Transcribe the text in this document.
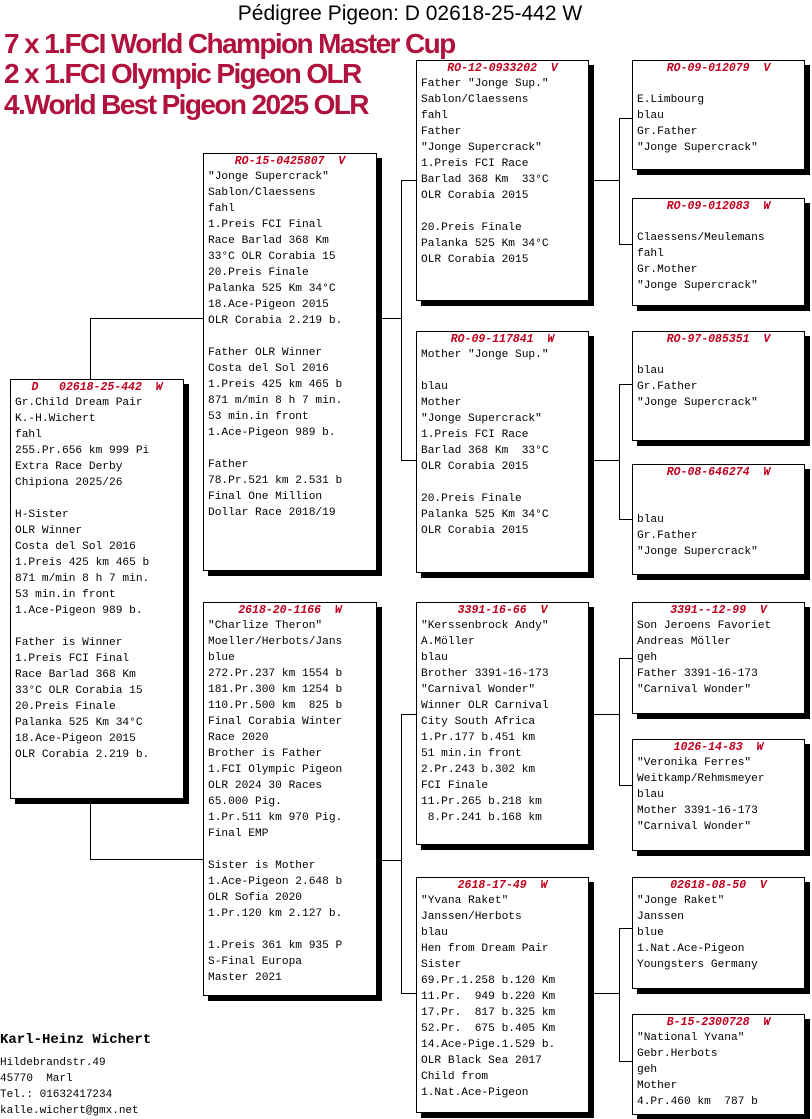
Pédigree Pigeon: D 02618-25-442 W
7 x 1.FCI World Champion Master Cup
2 x 1.FCI Olympic Pigeon OLR
4.World Best Pigeon 2025 OLR
D   02618-25-442  W
Gr.Child Dream Pair
K.-H.Wichert
fahl
255.Pr.656 km 999 Pi
Extra Race Derby
Chipiona 2025/26

H-Sister
OLR Winner
Costa del Sol 2016
1.Preis 425 km 465 b
871 m/min 8 h 7 min.
53 min.in front
1.Ace-Pigeon 989 b.

Father is Winner
1.Preis FCI Final
Race Barlad 368 Km
33°C OLR Corabia 15
20.Preis Finale
Palanka 525 Km 34°C
18.Ace-Pigeon 2015
OLR Corabia 2.219 b.
RO-15-0425807  V
"Jonge Supercrack"
Sablon/Claessens
fahl
1.Preis FCI Final
Race Barlad 368 Km
33°C OLR Corabia 15
20.Preis Finale
Palanka 525 Km 34°C
18.Ace-Pigeon 2015
OLR Corabia 2.219 b.

Father OLR Winner
Costa del Sol 2016
1.Preis 425 km 465 b
871 m/min 8 h 7 min.
53 min.in front
1.Ace-Pigeon 989 b.

Father
78.Pr.521 km 2.531 b
Final One Million
Dollar Race 2018/19
2618-20-1166  W
"Charlize Theron"
Moeller/Herbots/Jans
blue
272.Pr.237 km 1554 b
181.Pr.300 km 1254 b
110.Pr.500 km  825 b
Final Corabia Winter
Race 2020
Brother is Father
1.FCI Olympic Pigeon
OLR 2024 30 Races
65.000 Pig.
1.Pr.511 km 970 Pig.
Final EMP

Sister is Mother
1.Ace-Pigeon 2.648 b
OLR Sofia 2020
1.Pr.120 km 2.127 b.

1.Preis 361 km 935 P
S-Final Europa
Master 2021
RO-12-0933202  V
Father "Jonge Sup."
Sablon/Claessens
fahl
Father
"Jonge Supercrack"
1.Preis FCI Race
Barlad 368 Km  33°C
OLR Corabia 2015

20.Preis Finale
Palanka 525 Km 34°C
OLR Corabia 2015
RO-09-117841  W
Mother "Jonge Sup."

blau
Mother
"Jonge Supercrack"
1.Preis FCI Race
Barlad 368 Km  33°C
OLR Corabia 2015

20.Preis Finale
Palanka 525 Km 34°C
OLR Corabia 2015
3391-16-66  V
"Kerssenbrock Andy"
A.Möller
blau
Brother 3391-16-173
"Carnival Wonder"
Winner OLR Carnival
City South Africa
1.Pr.177 b.451 km
51 min.in front
2.Pr.243 b.302 km
FCI Finale
11.Pr.265 b.218 km
8.Pr.241 b.168 km
2618-17-49  W
"Yvana Raket"
Janssen/Herbots
blau
Hen from Dream Pair
Sister
69.Pr.1.258 b.120 Km
11.Pr.  949 b.220 Km
17.Pr.  817 b.325 km
52.Pr.  675 b.405 Km
14.Ace-Pige.1.529 b.
OLR Black Sea 2017
Child from
1.Nat.Ace-Pigeon
RO-09-012079  V

E.Limbourg
blau
Gr.Father
"Jonge Supercrack"
RO-09-012083  W

Claessens/Meulemans
fahl
Gr.Mother
"Jonge Supercrack"
RO-97-085351  V

blau
Gr.Father
"Jonge Supercrack"
RO-08-646274  W

blau
Gr.Father
"Jonge Supercrack"
3391--12-99  V
Son Jeroens Favoriet
Andreas Möller
geh
Father 3391-16-173
"Carnival Wonder"
1026-14-83  W
"Veronika Ferres"
Weitkamp/Rehmsmeyer
blau
Mother 3391-16-173
"Carnival Wonder"
02618-08-50  V
"Jonge Raket"
Janssen
blue
1.Nat.Ace-Pigeon
Youngsters Germany
B-15-2300728  W
"National Yvana"
Gebr.Herbots
geh
Mother
4.Pr.460 km  787 b
Karl-Heinz Wichert
Hildebrandstr.49
45770  Marl
Tel.: 01632417234
kalle.wichert@gmx.net
